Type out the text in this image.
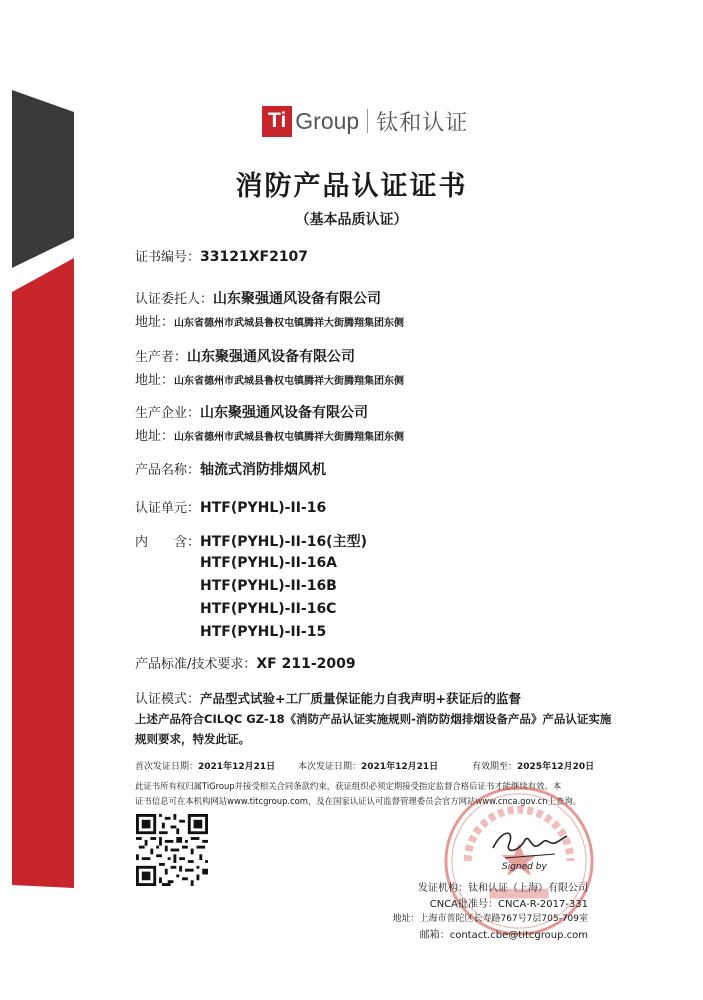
Ti Group 钛和认证
消防产品认证证书
（基本品质认证）
证书编号：33121XF2107
认证委托人：山东聚强通风设备有限公司
地址：山东省德州市武城县鲁权屯镇腾祥大街腾翔集团东侧
生产者：山东聚强通风设备有限公司
地址：山东省德州市武城县鲁权屯镇腾祥大街腾翔集团东侧
生产企业：山东聚强通风设备有限公司
地址：山东省德州市武城县鲁权屯镇腾祥大街腾翔集团东侧
产品名称：轴流式消防排烟风机
认证单元：HTF(PYHL)-II-16
内　　含： HTF(PYHL)-II-16(主型)
HTF(PYHL)-II-16A
HTF(PYHL)-II-16B
HTF(PYHL)-II-16C
HTF(PYHL)-II-15
产品标准/技术要求：XF 211-2009
认证模式：产品型式试验+工厂质量保证能力自我声明+获证后的监督
上述产品符合CILQC GZ-18《消防产品认证实施规则-消防防烟排烟设备产品》产品认证实施
规则要求，特发此证。
首次发证日期：2021年12月21日	本次发证日期：2021年12月21日	有效期至：2025年12月20日
此证书所有权归属TiGroup并接受相关合同条款约束，获证组织必须定期接受指定监督合格后证书才能继续有效。本
证书信息可在本机构网站www.titcgroup.com，及在国家认证认可监督管理委员会官方网站www.cnca.gov.cn上查询。
Signed by
发证机构：钛和认证（上海）有限公司
CNCA批准号：CNCA-R-2017-331
地址：上海市普陀区长寿路767号7层705-709室
邮箱：contact.cbe@titcgroup.com
